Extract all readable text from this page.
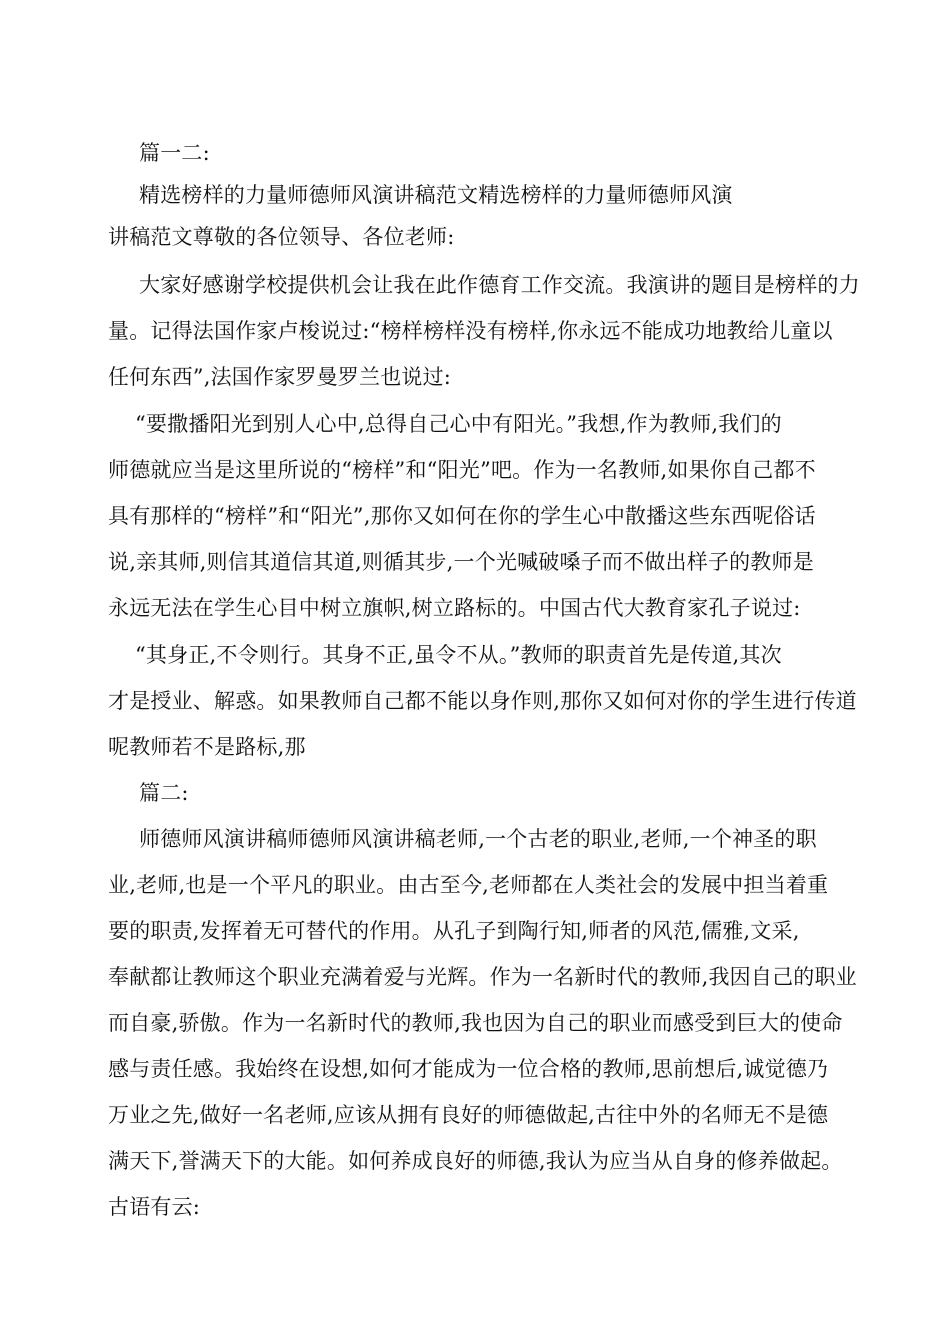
篇一二:
精选榜样的力量师德师风演讲稿范文精选榜样的力量师德师风演
讲稿范文尊敬的各位领导、各位老师:
大家好感谢学校提供机会让我在此作德育工作交流。我演讲的题目是榜样的力
量。记得法国作家卢梭说过:“榜样榜样没有榜样,你永远不能成功地教给儿童以
任何东西”,法国作家罗曼罗兰也说过:
“要撒播阳光到别人心中,总得自己心中有阳光。”我想,作为教师,我们的
师德就应当是这里所说的“榜样”和“阳光”吧。作为一名教师,如果你自己都不
具有那样的“榜样”和“阳光”,那你又如何在你的学生心中散播这些东西呢俗话
说,亲其师,则信其道信其道,则循其步,一个光喊破嗓子而不做出样子的教师是
永远无法在学生心目中树立旗帜,树立路标的。中国古代大教育家孔子说过:
“其身正,不令则行。其身不正,虽令不从。”教师的职责首先是传道,其次
才是授业、解惑。如果教师自己都不能以身作则,那你又如何对你的学生进行传道
呢教师若不是路标,那
篇二:
师德师风演讲稿师德师风演讲稿老师,一个古老的职业,老师,一个神圣的职
业,老师,也是一个平凡的职业。由古至今,老师都在人类社会的发展中担当着重
要的职责,发挥着无可替代的作用。从孔子到陶行知,师者的风范,儒雅,文采,
奉献都让教师这个职业充满着爱与光辉。作为一名新时代的教师,我因自己的职业
而自豪,骄傲。作为一名新时代的教师,我也因为自己的职业而感受到巨大的使命
感与责任感。我始终在设想,如何才能成为一位合格的教师,思前想后,诚觉德乃
万业之先,做好一名老师,应该从拥有良好的师德做起,古往中外的名师无不是德
满天下,誉满天下的大能。如何养成良好的师德,我认为应当从自身的修养做起。
古语有云:
